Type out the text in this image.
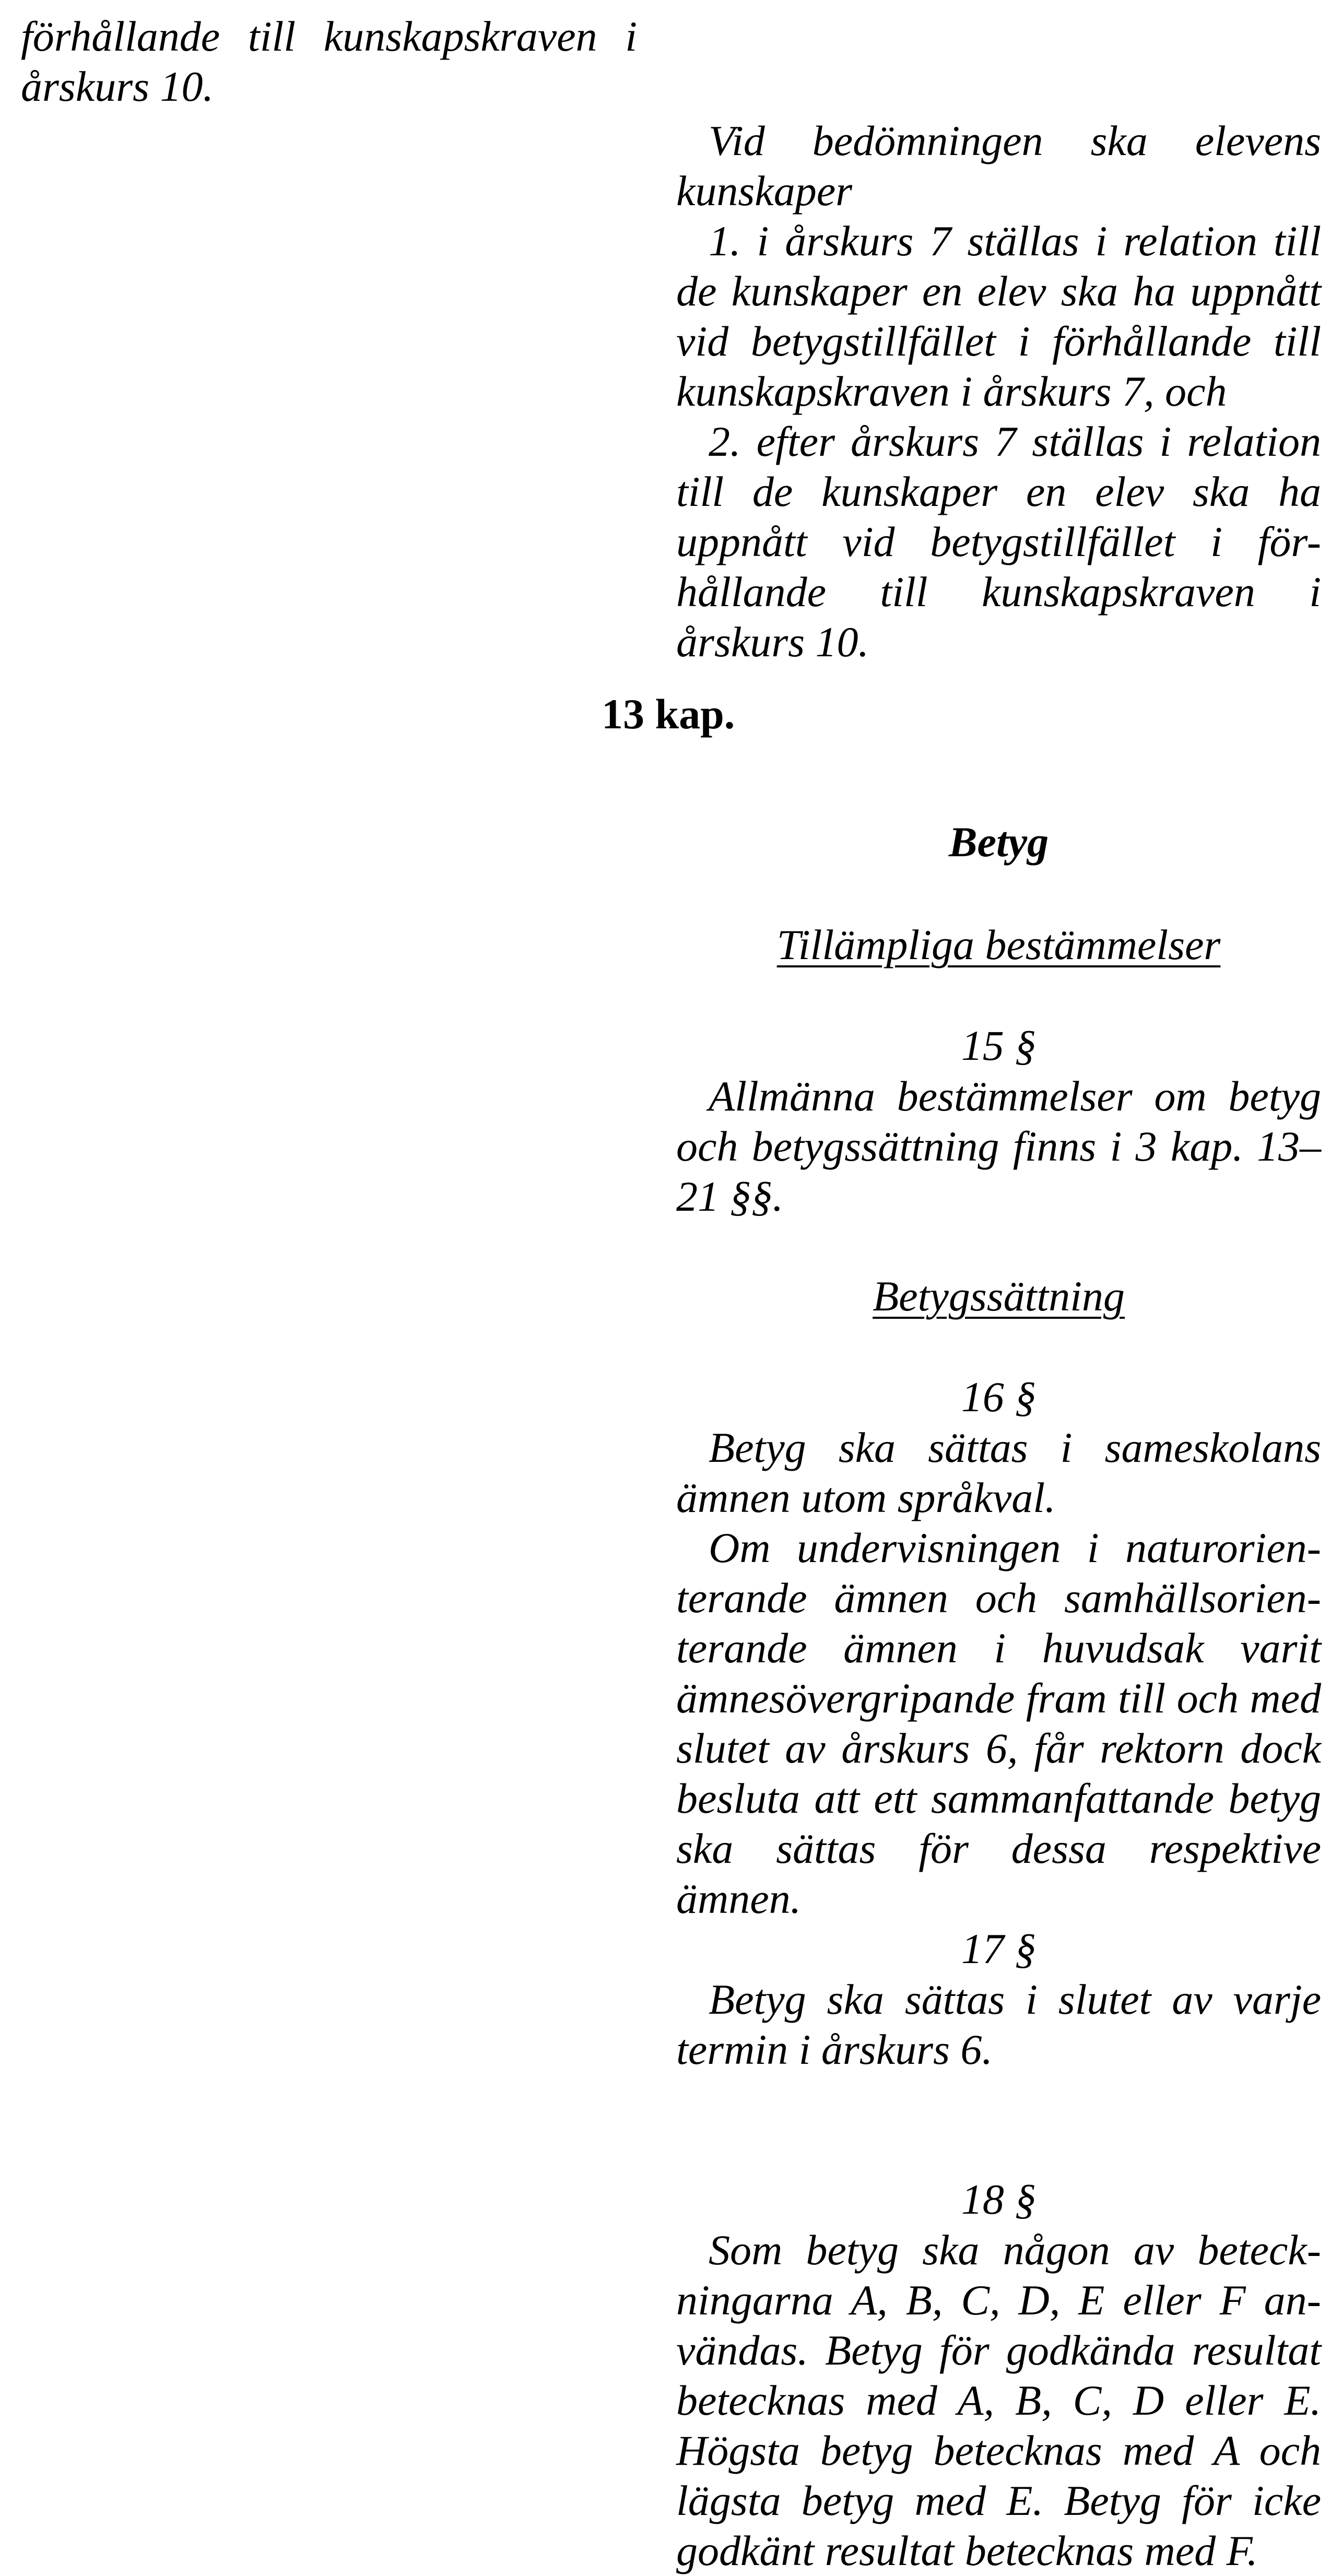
förhållande till kunskapskraven i
årskurs 10.

Vid bedömningen ska elevens kunskaper

1. i årskurs 7 ställas i relation till de kunskaper en elev ska ha uppnått vid betygstillfället i förhållande till kunskapskraven i årskurs 7, och

2. efter årskurs 7 ställas i relation till de kunskaper en elev ska ha uppnått vid betygstillfället i för- hållande till kunskapskraven i årskurs 10.

13 kap.
Betyg
Tillämpliga bestämmelser
15 §

Allmänna bestämmelser om betyg och betygssättning finns i 3 kap. 13– 21 §§.

Betygssättning
16 §

Betyg ska sättas i sameskolans ämnen utom språkval.

Om undervisningen i naturorien- terande ämnen och samhällsorien- terande ämnen i huvudsak varit ämnesövergripande fram till och med slutet av årskurs 6, får rektorn dock besluta att ett sammanfattande betyg ska sättas för dessa respektive ämnen.

17 §

Betyg ska sättas i slutet av varje termin i årskurs 6.

18 §

Som betyg ska någon av beteck- ningarna A, B, C, D, E eller F an- vändas. Betyg för godkända resultat betecknas med A, B, C, D eller E. Högsta betyg betecknas med A och lägsta betyg med E. Betyg för icke godkänt resultat betecknas med F.
